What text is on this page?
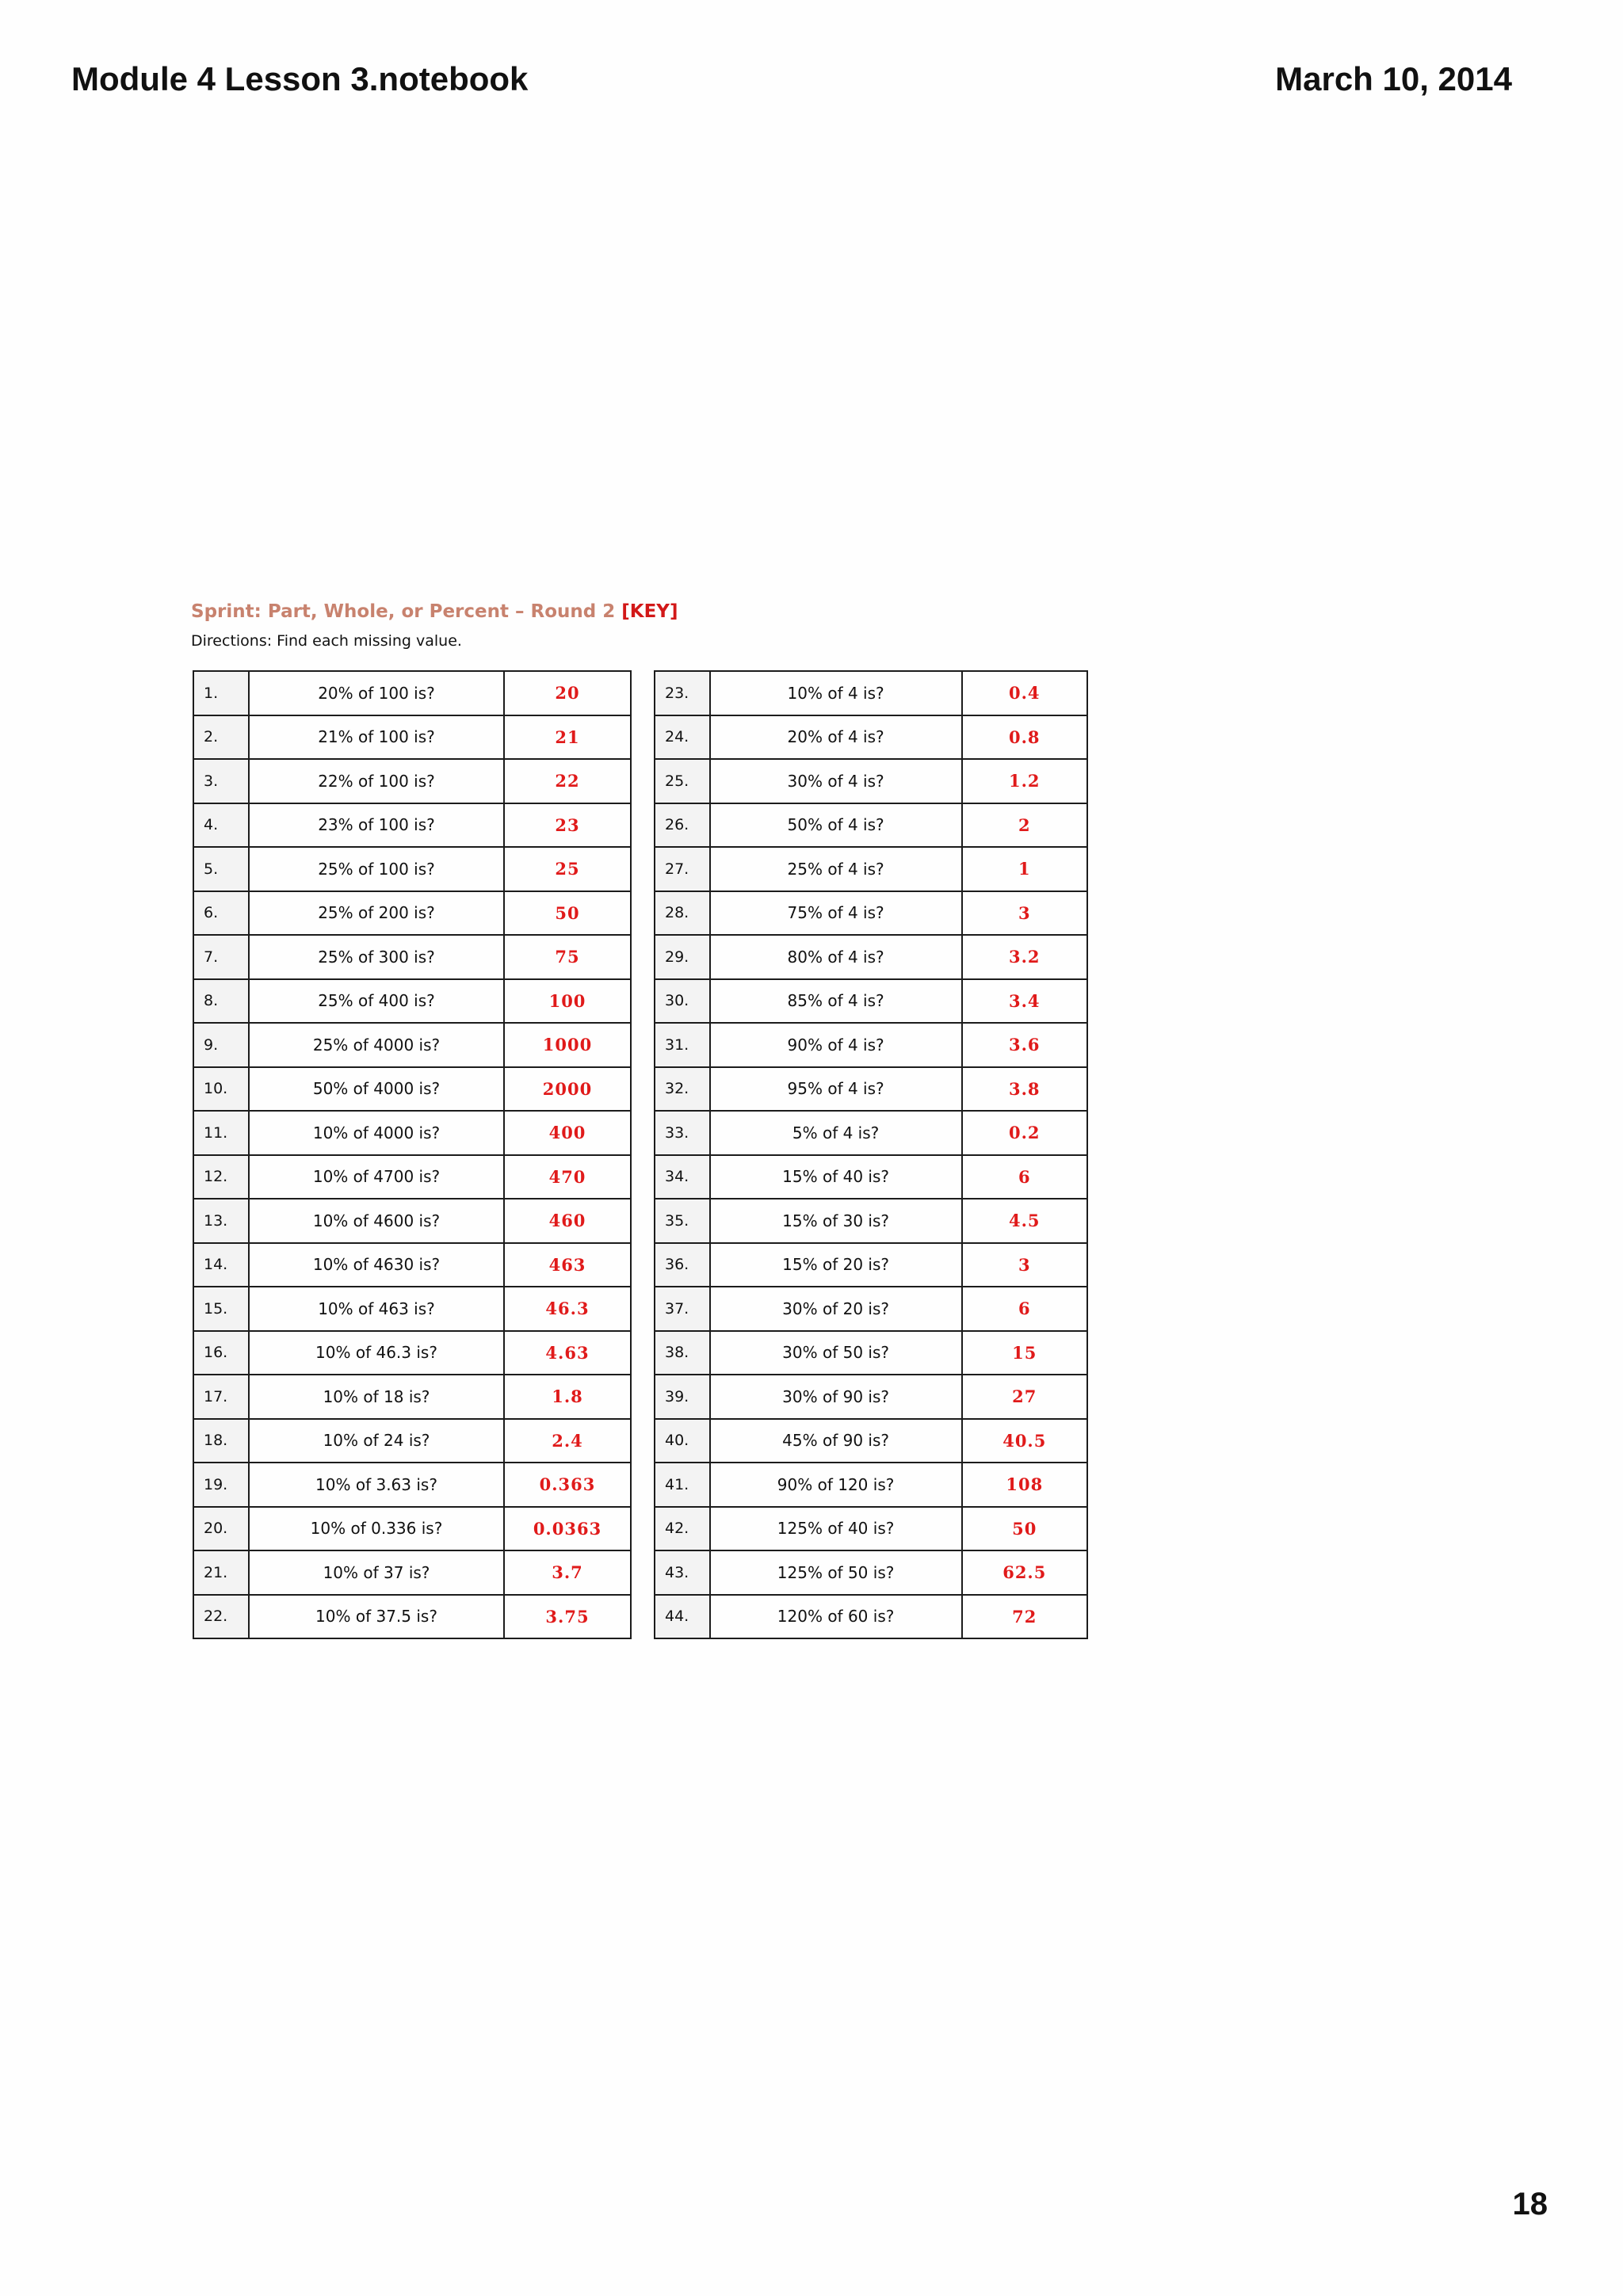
Module 4 Lesson 3.notebook	March 10, 2014
Sprint: Part, Whole, or Percent – Round 2 [KEY]
Directions: Find each missing value.
1.	20% of 100 is?	20
2.	21% of 100 is?	21
3.	22% of 100 is?	22
4.	23% of 100 is?	23
5.	25% of 100 is?	25
6.	25% of 200 is?	50
7.	25% of 300 is?	75
8.	25% of 400 is?	100
9.	25% of 4000 is?	1000
10.	50% of 4000 is?	2000
11.	10% of 4000 is?	400
12.	10% of 4700 is?	470
13.	10% of 4600 is?	460
14.	10% of 4630 is?	463
15.	10% of 463 is?	46.3
16.	10% of 46.3 is?	4.63
17.	10% of 18 is?	1.8
18.	10% of 24 is?	2.4
19.	10% of 3.63 is?	0.363
20.	10% of 0.336 is?	0.0363
21.	10% of 37 is?	3.7
22.	10% of 37.5 is?	3.75
23.	10% of 4 is?	0.4
24.	20% of 4 is?	0.8
25.	30% of 4 is?	1.2
26.	50% of 4 is?	2
27.	25% of 4 is?	1
28.	75% of 4 is?	3
29.	80% of 4 is?	3.2
30.	85% of 4 is?	3.4
31.	90% of 4 is?	3.6
32.	95% of 4 is?	3.8
33.	5% of 4 is?	0.2
34.	15% of 40 is?	6
35.	15% of 30 is?	4.5
36.	15% of 20 is?	3
37.	30% of 20 is?	6
38.	30% of 50 is?	15
39.	30% of 90 is?	27
40.	45% of 90 is?	40.5
41.	90% of 120 is?	108
42.	125% of 40 is?	50
43.	125% of 50 is?	62.5
44.	120% of 60 is?	72
18
